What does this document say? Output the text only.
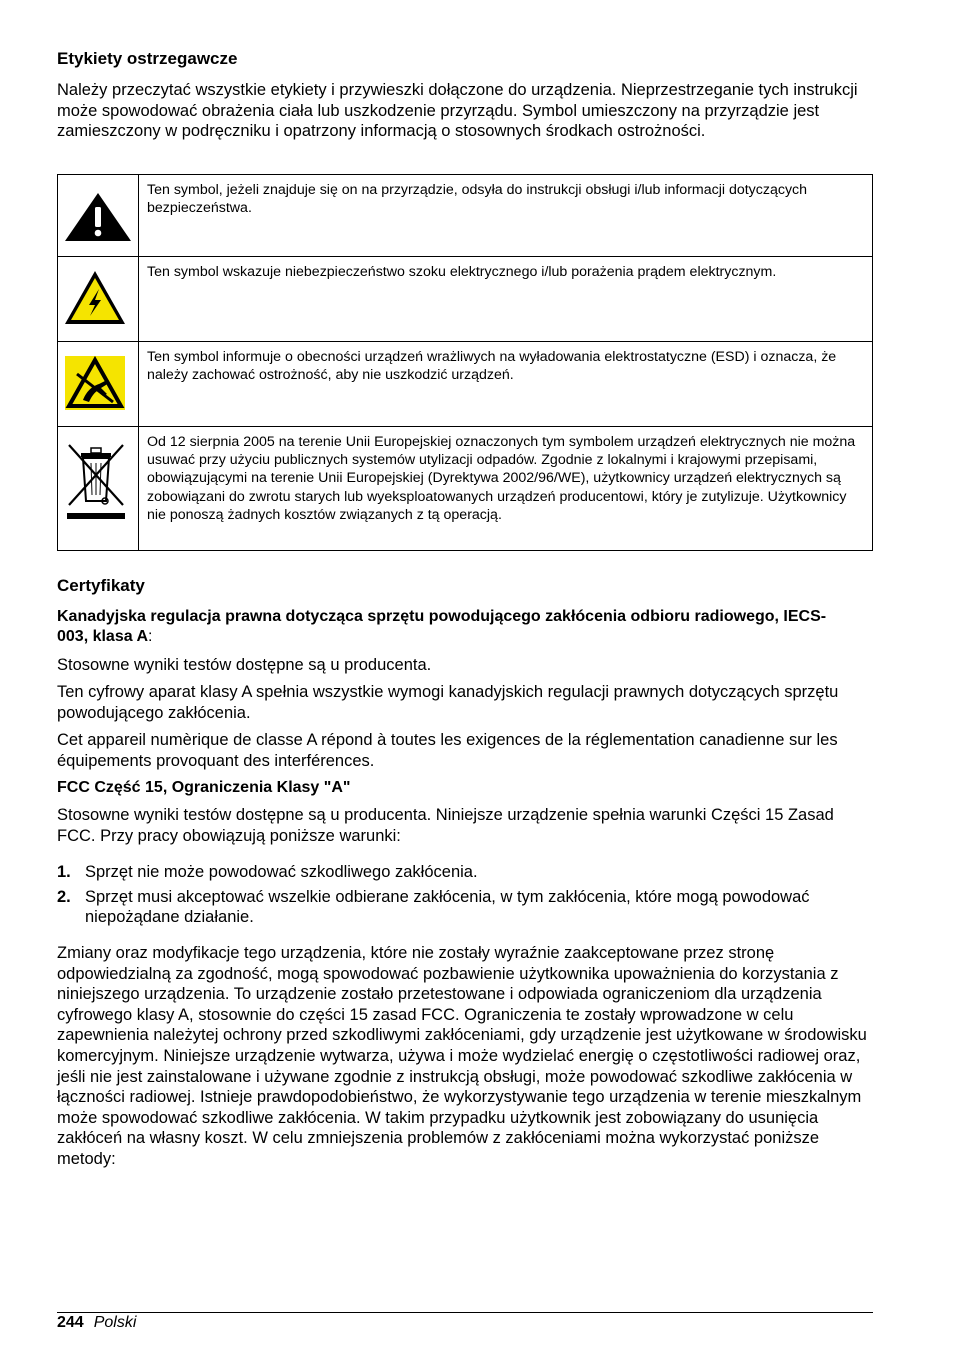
Etykiety ostrzegawcze

Należy przeczytać wszystkie etykiety i przywieszki dołączone do urządzenia. Nieprzestrzeganie tych instrukcji może spowodować obrażenia ciała lub uszkodzenie przyrządu. Symbol umieszczony na przyrządzie jest zamieszczony w podręczniku i opatrzony informacją o stosownych środkach ostrożności.

	Ten symbol, jeżeli znajduje się on na przyrządzie, odsyła do instrukcji obsługi i/lub informacji dotyczących bezpieczeństwa.

	Ten symbol wskazuje niebezpieczeństwo szoku elektrycznego i/lub porażenia prądem elektrycznym.

	Ten symbol informuje o obecności urządzeń wrażliwych na wyładowania elektrostatyczne (ESD) i oznacza, że należy zachować ostrożność, aby nie uszkodzić urządzeń.

	Od 12 sierpnia 2005 na terenie Unii Europejskiej oznaczonych tym symbolem urządzeń elektrycznych nie można usuwać przy użyciu publicznych systemów utylizacji odpadów. Zgodnie z lokalnymi i krajowymi przepisami, obowiązującymi na terenie Unii Europejskiej (Dyrektywa 2002/96/WE), użytkownicy urządzeń elektrycznych są zobowiązani do zwrotu starych lub wyeksploatowanych urządzeń producentowi, który je zutylizuje. Użytkownicy nie ponoszą żadnych kosztów związanych z tą operacją.
Certyfikaty
Kanadyjska regulacja prawna dotycząca sprzętu powodującego zakłócenia odbioru radiowego, IECS-003, klasa A:

Stosowne wyniki testów dostępne są u producenta.

Ten cyfrowy aparat klasy A spełnia wszystkie wymogi kanadyjskich regulacji prawnych dotyczących sprzętu powodującego zakłócenia.

Cet appareil numèrique de classe A répond à toutes les exigences de la réglementation canadienne sur les équipements provoquant des interférences.

FCC Część 15, Ograniczenia Klasy "A"

Stosowne wyniki testów dostępne są u producenta. Niniejsze urządzenie spełnia warunki Części 15 Zasad FCC. Przy pracy obowiązują poniższe warunki:

1. Sprzęt nie może powodować szkodliwego zakłócenia.
2. Sprzęt musi akceptować wszelkie odbierane zakłócenia, w tym zakłócenia, które mogą powodować niepożądane działanie.

Zmiany oraz modyfikacje tego urządzenia, które nie zostały wyraźnie zaakceptowane przez stronę odpowiedzialną za zgodność, mogą spowodować pozbawienie użytkownika upoważnienia do korzystania z niniejszego urządzenia. To urządzenie zostało przetestowane i odpowiada ograniczeniom dla urządzenia cyfrowego klasy A, stosownie do części 15 zasad FCC. Ograniczenia te zostały wprowadzone w celu zapewnienia należytej ochrony przed szkodliwymi zakłóceniami, gdy urządzenie jest użytkowane w środowisku komercyjnym. Niniejsze urządzenie wytwarza, używa i może wydzielać energię o częstotliwości radiowej oraz, jeśli nie jest zainstalowane i używane zgodnie z instrukcją obsługi, może powodować szkodliwe zakłócenia w łączności radiowej. Istnieje prawdopodobieństwo, że wykorzystywanie tego urządzenia w terenie mieszkalnym może spowodować szkodliwe zakłócenia. W takim przypadku użytkownik jest zobowiązany do usunięcia zakłóceń na własny koszt. W celu zmniejszenia problemów z zakłóceniami można wykorzystać poniższe metody:

244 Polski
